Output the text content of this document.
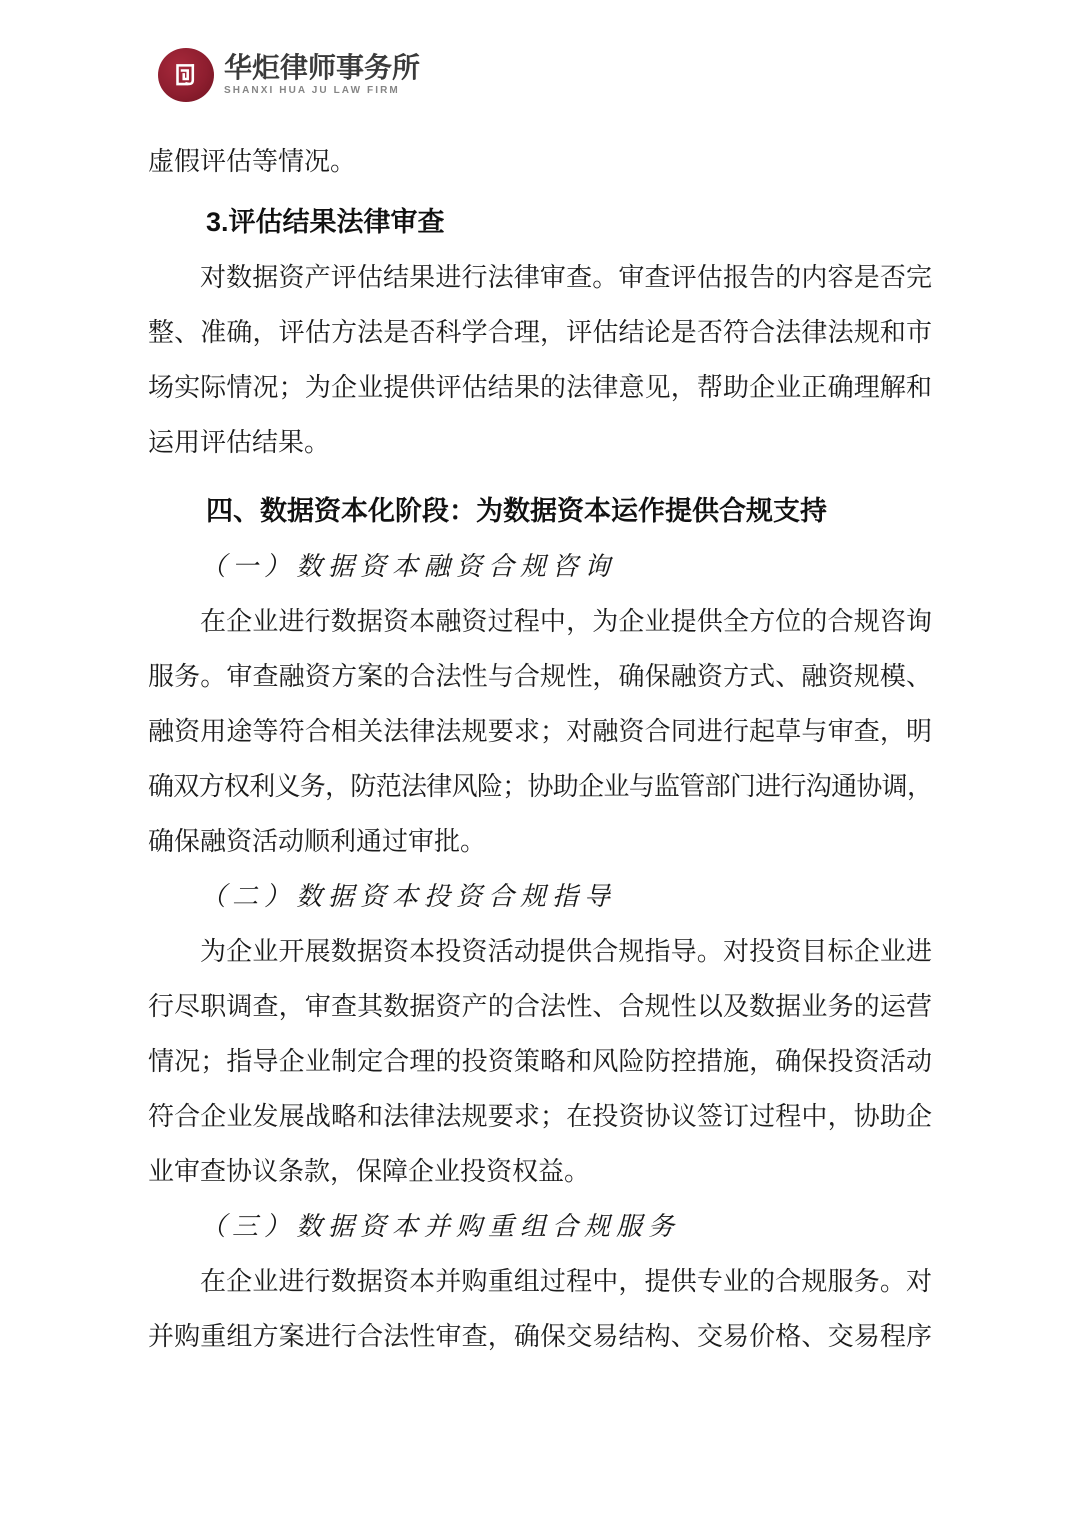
华炬律师事务所
SHANXI HUA JU LAW FIRM
虚假评估等情况。
3.评估结果法律审查
对数据资产评估结果进行法律审查。审查评估报告的内容是否完
整、准确，评估方法是否科学合理，评估结论是否符合法律法规和市
场实际情况；为企业提供评估结果的法律意见，帮助企业正确理解和
运用评估结果。
四、数据资本化阶段：为数据资本运作提供合规支持
（一）数据资本融资合规咨询
在企业进行数据资本融资过程中，为企业提供全方位的合规咨询
服务。审查融资方案的合法性与合规性，确保融资方式、融资规模、
融资用途等符合相关法律法规要求；对融资合同进行起草与审查，明
确双方权利义务，防范法律风险；协助企业与监管部门进行沟通协调，
确保融资活动顺利通过审批。
（二）数据资本投资合规指导
为企业开展数据资本投资活动提供合规指导。对投资目标企业进
行尽职调查，审查其数据资产的合法性、合规性以及数据业务的运营
情况；指导企业制定合理的投资策略和风险防控措施，确保投资活动
符合企业发展战略和法律法规要求；在投资协议签订过程中，协助企
业审查协议条款，保障企业投资权益。
（三）数据资本并购重组合规服务
在企业进行数据资本并购重组过程中，提供专业的合规服务。对
并购重组方案进行合法性审查，确保交易结构、交易价格、交易程序
